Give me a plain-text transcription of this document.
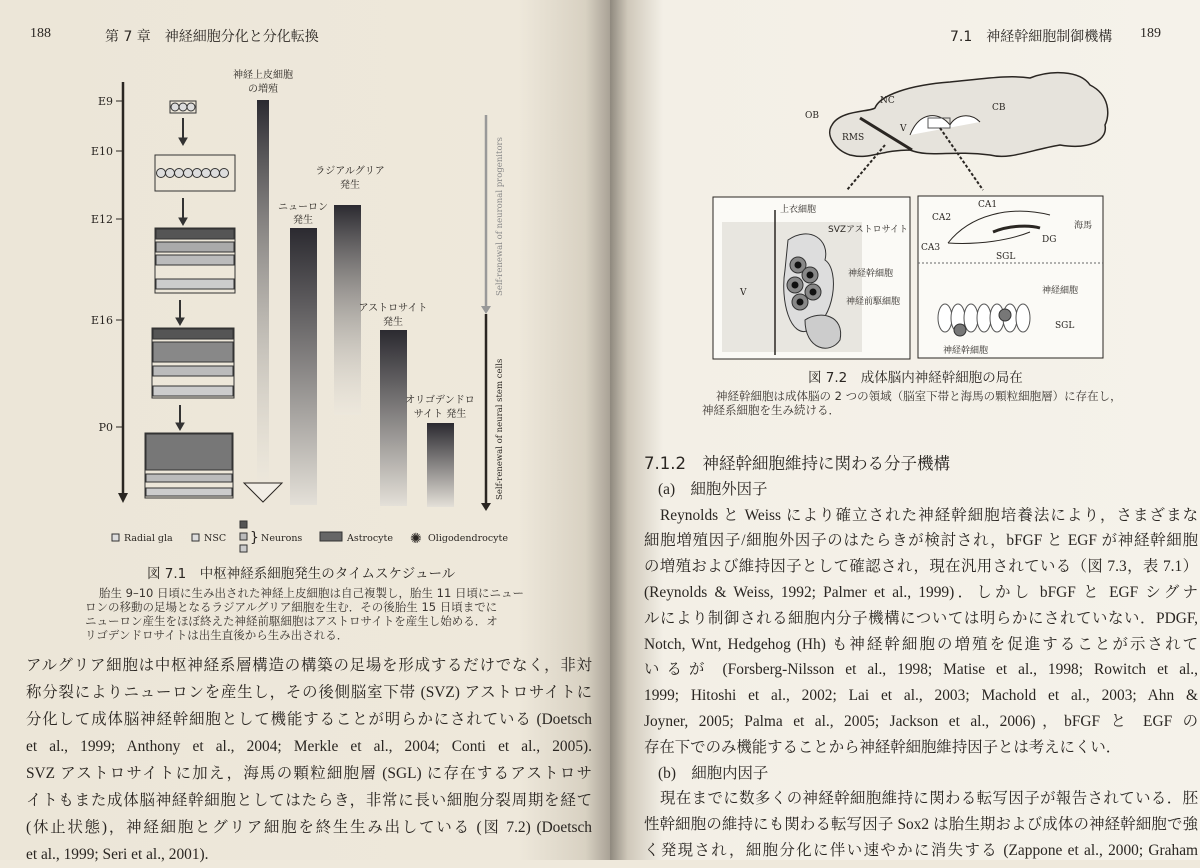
188	第 7 章　神経細胞分化と分化転換
E9
E10
E12
E16
P0
神経上皮細胞
の増殖
ニューロン
発生
ラジアルグリア
発生
アストロサイト
発生
オリゴデンドロ
サイト 発生
Self-renewal of neuronal progenitors
Self-renewal of neural stem cells
Radial gla	NSC } Neurons	Astrocyte ✺ Oligodendrocyte
図 7.1　中枢神経系細胞発生のタイムスケジュール
胎生 9–10 日頃に生み出された神経上皮細胞は自己複製し，胎生 11 日頃にニュー
ロンの移動の足場となるラジアルグリア細胞を生む．その後胎生 15 日頃までに
ニューロン産生をほぼ終えた神経前駆細胞はアストロサイトを産生し始める．オ
リゴデンドロサイトは出生直後から生み出される．
アルグリア細胞は中枢神経系層構造の構築の足場を形成するだけでなく，非対
称分裂によりニューロンを産生し，その後側脳室下帯 (SVZ) アストロサイトに
分化して成体脳神経幹細胞として機能することが明らかにされている (Doetsch
et al., 1999; Anthony et al., 2004; Merkle et al., 2004; Conti et al., 2005).
SVZ アストロサイトに加え，海馬の顆粒細胞層 (SGL) に存在するアストロサ
イトもまた成体脳神経幹細胞としてはたらき，非常に長い細胞分裂周期を経て
(休止状態)，神経細胞とグリア細胞を終生生み出している (図 7.2) (Doetsch
et al., 1999; Seri et al., 2001).
7.1　神経幹細胞制御機構 189
OB
NC
CB
RMS
V
V
上衣細胞
SVZアストロサイト
神経幹細胞
神経前駆細胞
CA1
CA2
CA3
DG
海馬
SGL
神経細胞
SGL
神経幹細胞
図 7.2　成体脳内神経幹細胞の局在
神経幹細胞は成体脳の 2 つの領域（脳室下帯と海馬の顆粒細胞層）に存在し，
神経系細胞を生み続ける．
7.1.2　神経幹細胞維持に関わる分子機構
(a)　細胞外因子
Reynolds と Weiss により確立された神経幹細胞培養法により，さまざまな
細胞増殖因子/細胞外因子のはたらきが検討され，bFGF と EGF が神経幹細胞
の増殖および維持因子として確認され，現在汎用されている（図 7.3，表 7.1）
(Reynolds & Weiss, 1992; Palmer et al., 1999)．しかし bFGF と EGF シグナ
ルにより制御される細胞内分子機構については明らかにされていない．PDGF,
Notch, Wnt, Hedgehog (Hh) も神経幹細胞の増殖を促進することが示されて
いるが (Forsberg-Nilsson et al., 1998; Matise et al., 1998; Rowitch et al.,
1999; Hitoshi et al., 2002; Lai et al., 2003; Machold et al., 2003; Ahn &
Joyner, 2005; Palma et al., 2005; Jackson et al., 2006)，bFGF と EGF の
存在下でのみ機能することから神経幹細胞維持因子とは考えにくい．
(b)　細胞内因子
現在までに数多くの神経幹細胞維持に関わる転写因子が報告されている．胚
性幹細胞の維持にも関わる転写因子 Sox2 は胎生期および成体の神経幹細胞で強
く発現され，細胞分化に伴い速やかに消失する (Zappone et al., 2000; Graham
